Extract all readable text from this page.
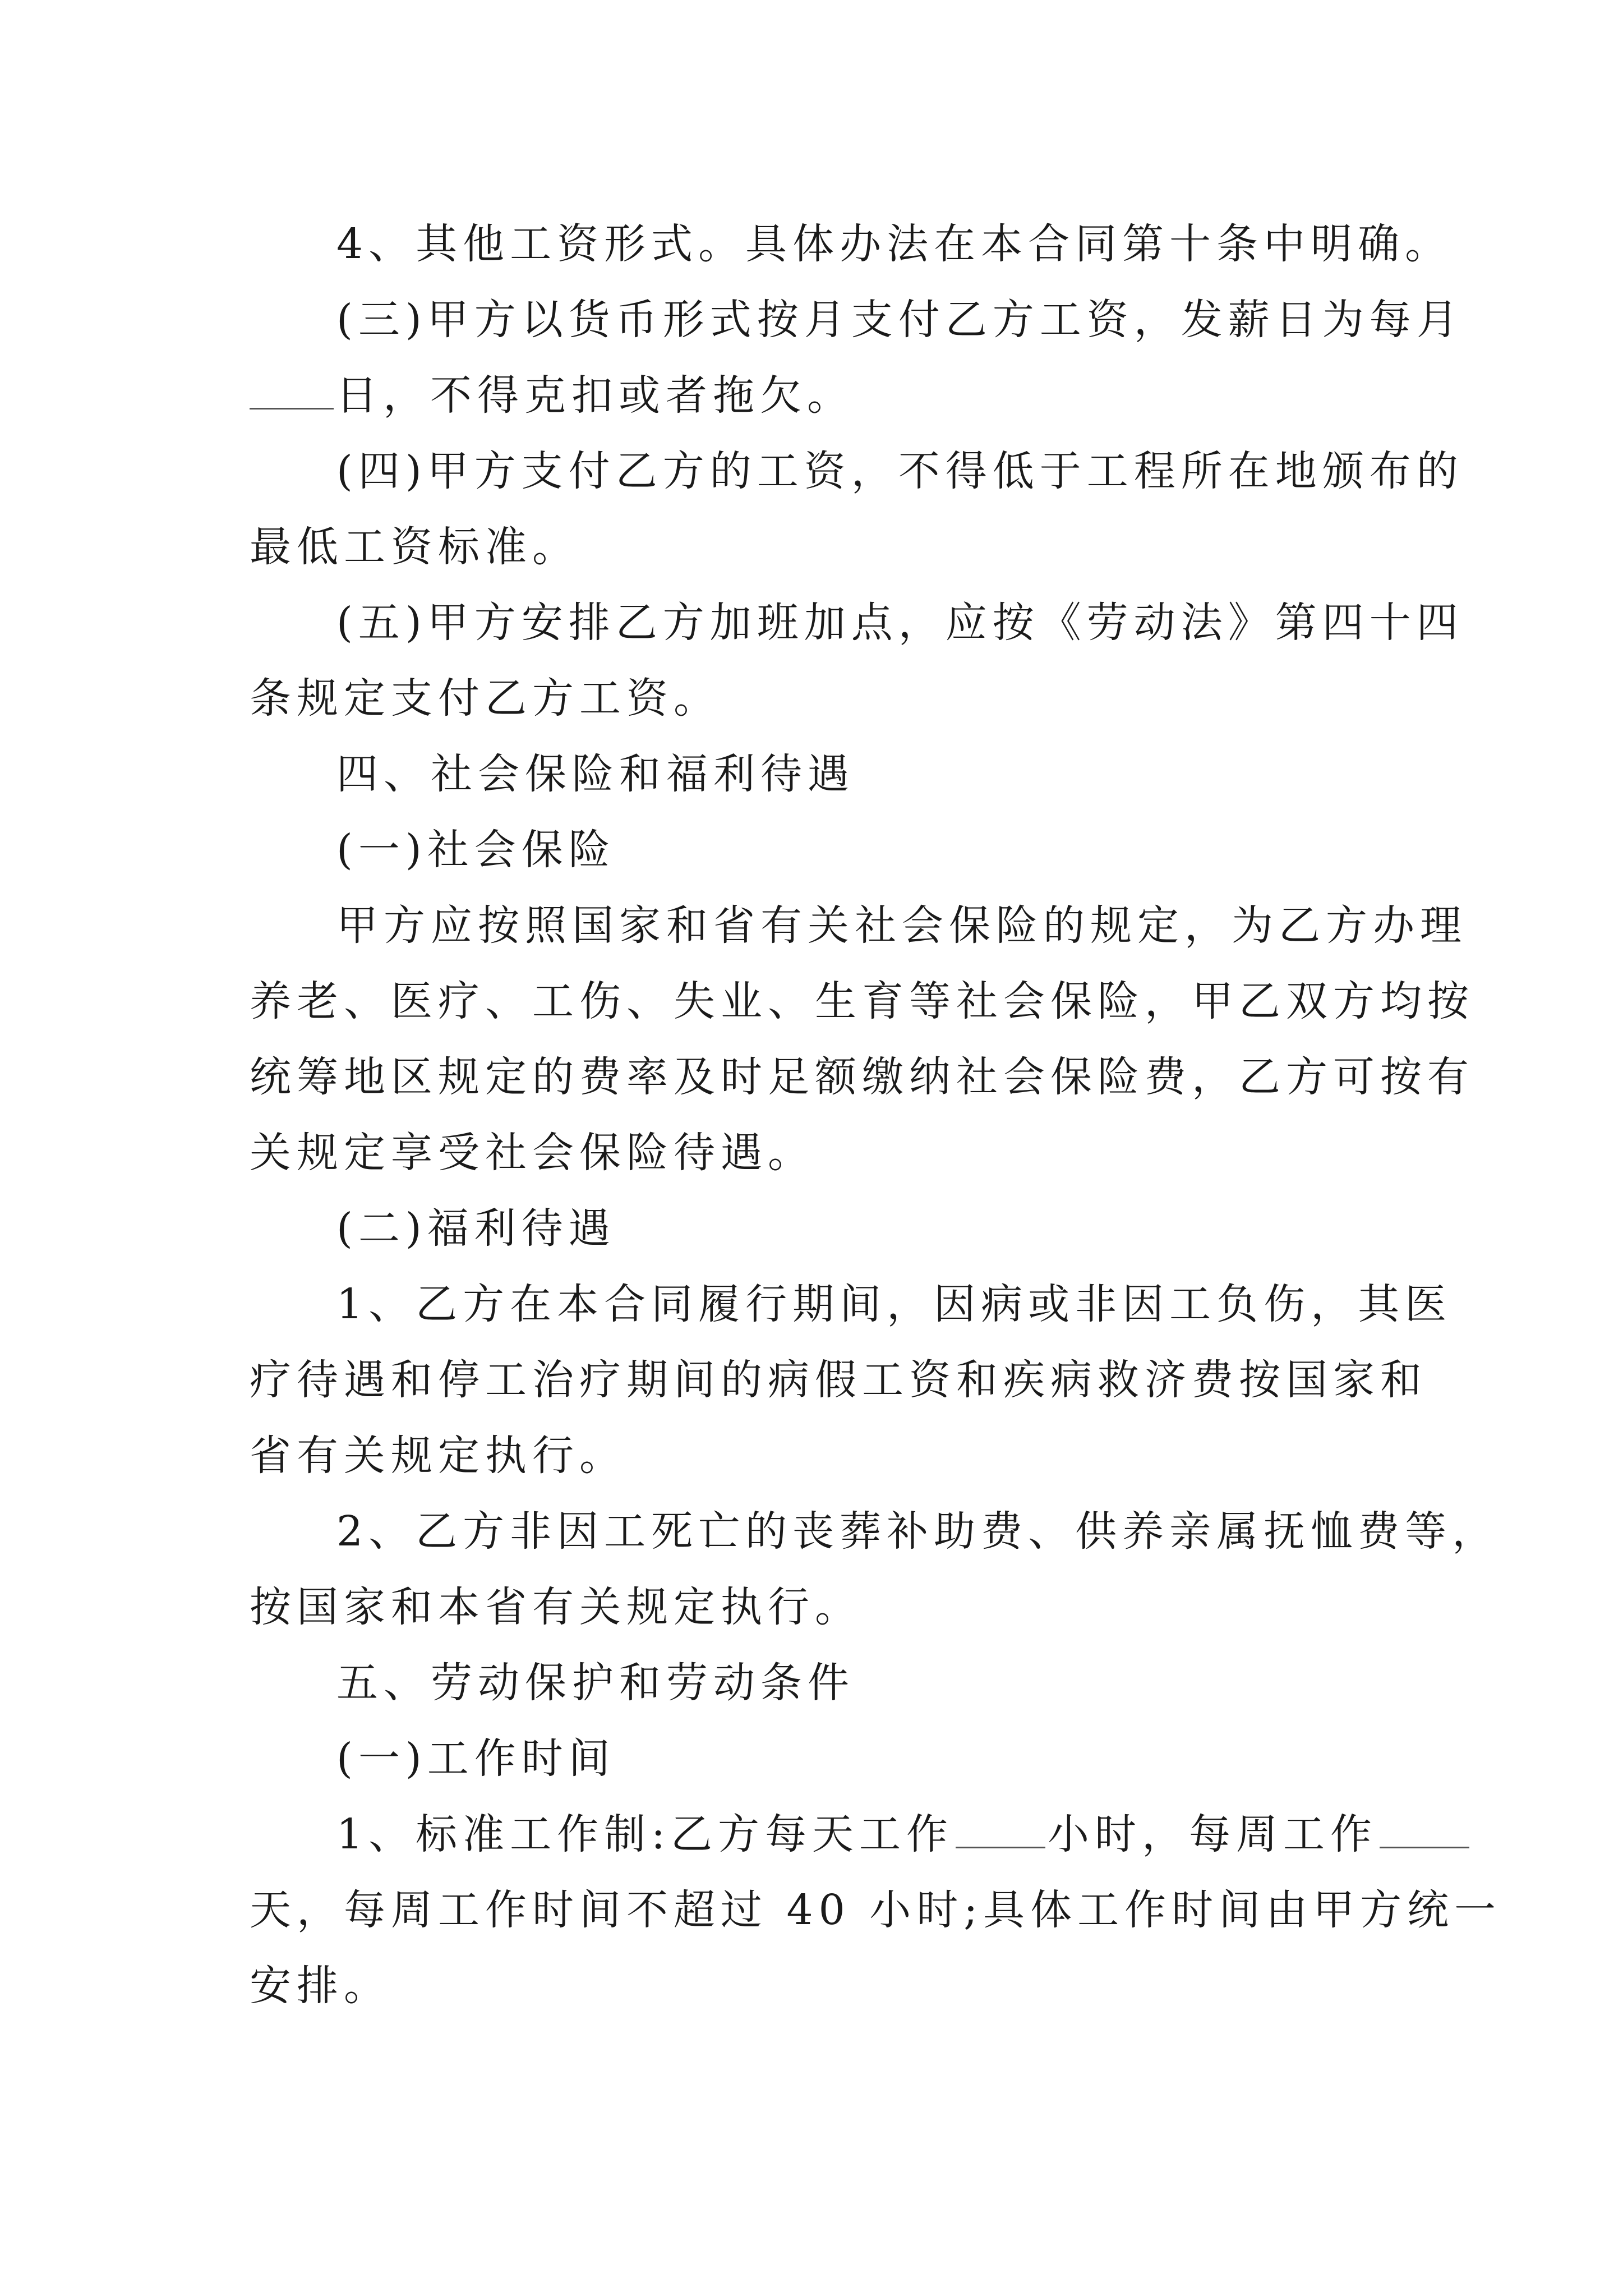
4、其他工资形式。具体办法在本合同第十条中明确。
(三)甲方以货币形式按月支付乙方工资，发薪日为每月
日，不得克扣或者拖欠。
(四)甲方支付乙方的工资，不得低于工程所在地颁布的
最低工资标准。
(五)甲方安排乙方加班加点，应按《劳动法》第四十四
条规定支付乙方工资。
四、社会保险和福利待遇
(一)社会保险
甲方应按照国家和省有关社会保险的规定，为乙方办理
养老、医疗、工伤、失业、生育等社会保险，甲乙双方均按
统筹地区规定的费率及时足额缴纳社会保险费，乙方可按有
关规定享受社会保险待遇。
(二)福利待遇
1、乙方在本合同履行期间，因病或非因工负伤，其医
疗待遇和停工治疗期间的病假工资和疾病救济费按国家和
省有关规定执行。
2、乙方非因工死亡的丧葬补助费、供养亲属抚恤费等，
按国家和本省有关规定执行。
五、劳动保护和劳动条件
(一)工作时间
1、标准工作制:乙方每天工作 小时，每周工作
天，每周工作时间不超过 40 小时;具体工作时间由甲方统一
安排。
